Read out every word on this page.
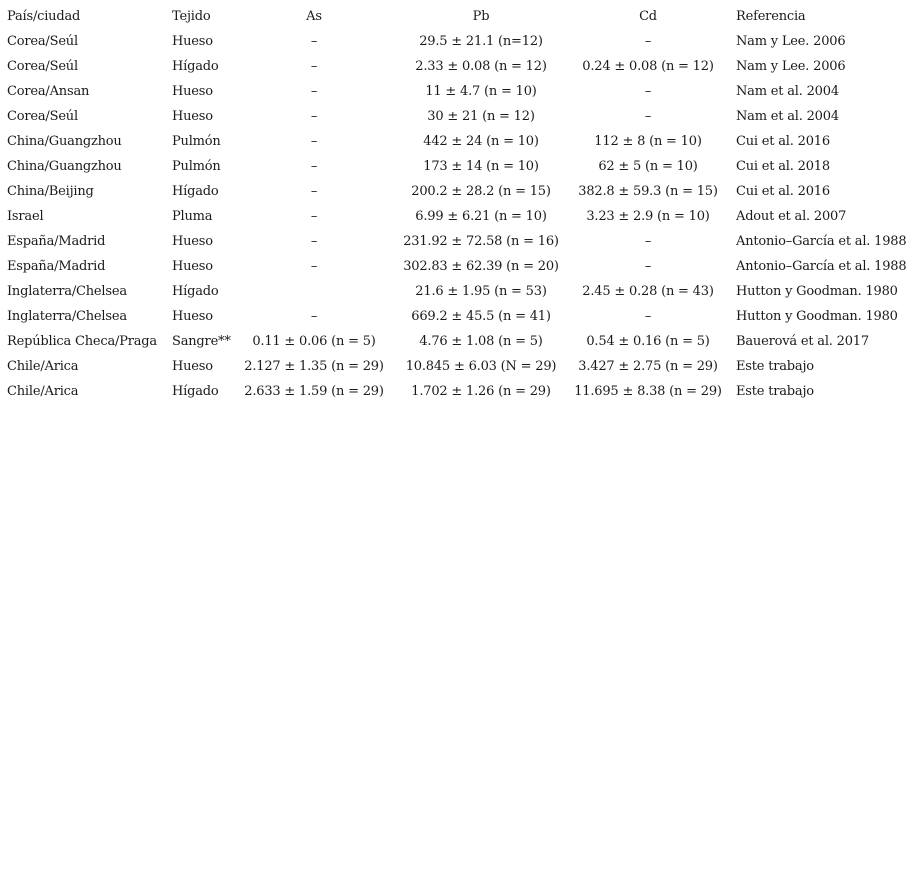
País/ciudad	Tejido	As	Pb	Cd	Referencia
Corea/Seúl	Hueso	–	29.5 ± 21.1 (n=12)	–	Nam y Lee. 2006
Corea/Seúl	Hígado	–	2.33 ± 0.08 (n = 12)	0.24 ± 0.08 (n = 12)	Nam y Lee. 2006
Corea/Ansan	Hueso	–	11 ± 4.7 (n = 10)	–	Nam et al. 2004
Corea/Seúl	Hueso	–	30 ± 21 (n = 12)	–	Nam et al. 2004
China/Guangzhou	Pulmón	–	442 ± 24 (n = 10)	112 ± 8 (n = 10)	Cui et al. 2016
China/Guangzhou	Pulmón	–	173 ± 14 (n = 10)	62 ± 5 (n = 10)	Cui et al. 2018
China/Beijing	Hígado	–	200.2 ± 28.2 (n = 15)	382.8 ± 59.3 (n = 15)	Cui et al. 2016
Israel	Pluma	–	6.99 ± 6.21 (n = 10)	3.23 ± 2.9 (n = 10)	Adout et al. 2007
España/Madrid	Hueso	–	231.92 ± 72.58 (n = 16)	–	Antonio–García et al. 1988
España/Madrid	Hueso	–	302.83 ± 62.39 (n = 20)	–	Antonio–García et al. 1988
Inglaterra/Chelsea	Hígado		21.6 ± 1.95 (n = 53)	2.45 ± 0.28 (n = 43)	Hutton y Goodman. 1980
Inglaterra/Chelsea	Hueso	–	669.2 ± 45.5 (n = 41)	–	Hutton y Goodman. 1980
República Checa/Praga	Sangre**	0.11 ± 0.06 (n = 5)	4.76 ± 1.08 (n = 5)	0.54 ± 0.16 (n = 5)	Bauerová et al. 2017
Chile/Arica	Hueso	2.127 ± 1.35 (n = 29)	10.845 ± 6.03 (N = 29)	3.427 ± 2.75 (n = 29)	Este trabajo
Chile/Arica	Hígado	2.633 ± 1.59 (n = 29)	1.702 ± 1.26 (n = 29)	11.695 ± 8.38 (n = 29)	Este trabajo
